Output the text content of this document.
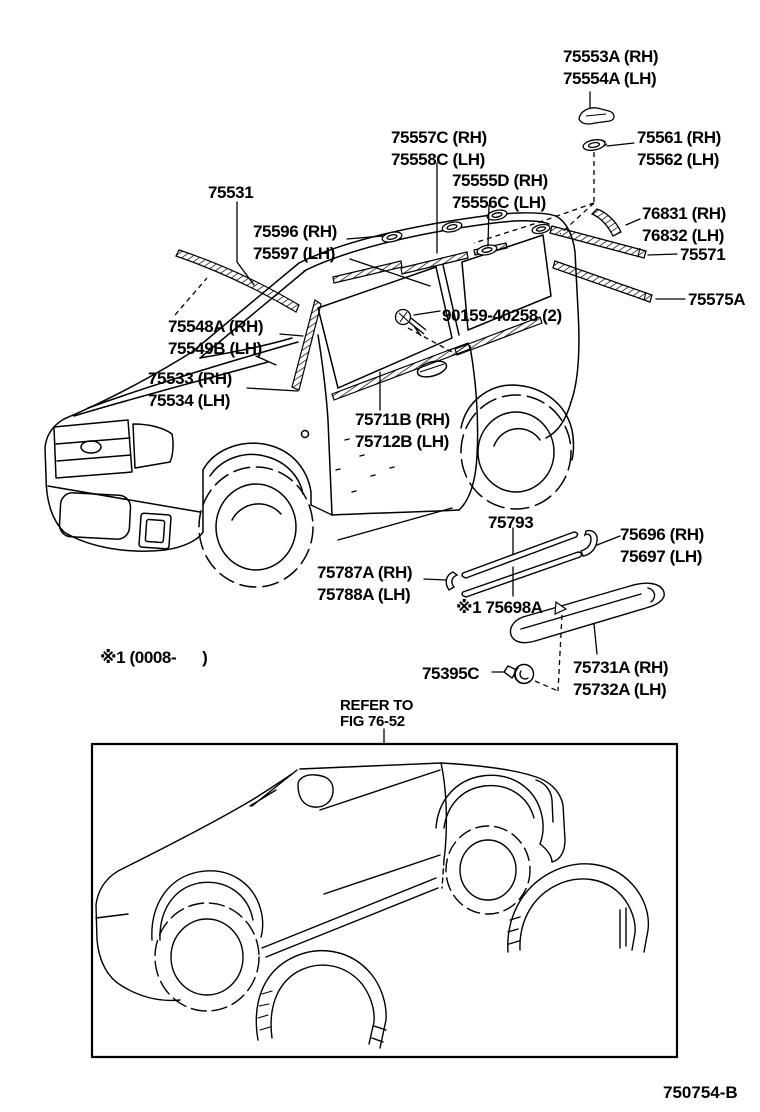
75553A (RH)
75554A (LH)
75557C (RH)
75558C (LH)
75561 (RH)
75562 (LH)
75555D (RH)
75556C (LH)
76831 (RH)
76832 (LH)
75531
75596 (RH)
75597 (LH)	75571
75575A
90159-40258 (2)
75548A (RH)
75549B (LH)
75533 (RH)
75534 (LH)
75711B (RH)
75712B (LH)
75793
75696 (RH)
75697 (LH)
75787A (RH)
75788A (LH)
※1 75698A
※1 (0008-      )
75395C	75731A (RH)
75732A (LH)
REFER TO
FIG 76-52
750754-B
